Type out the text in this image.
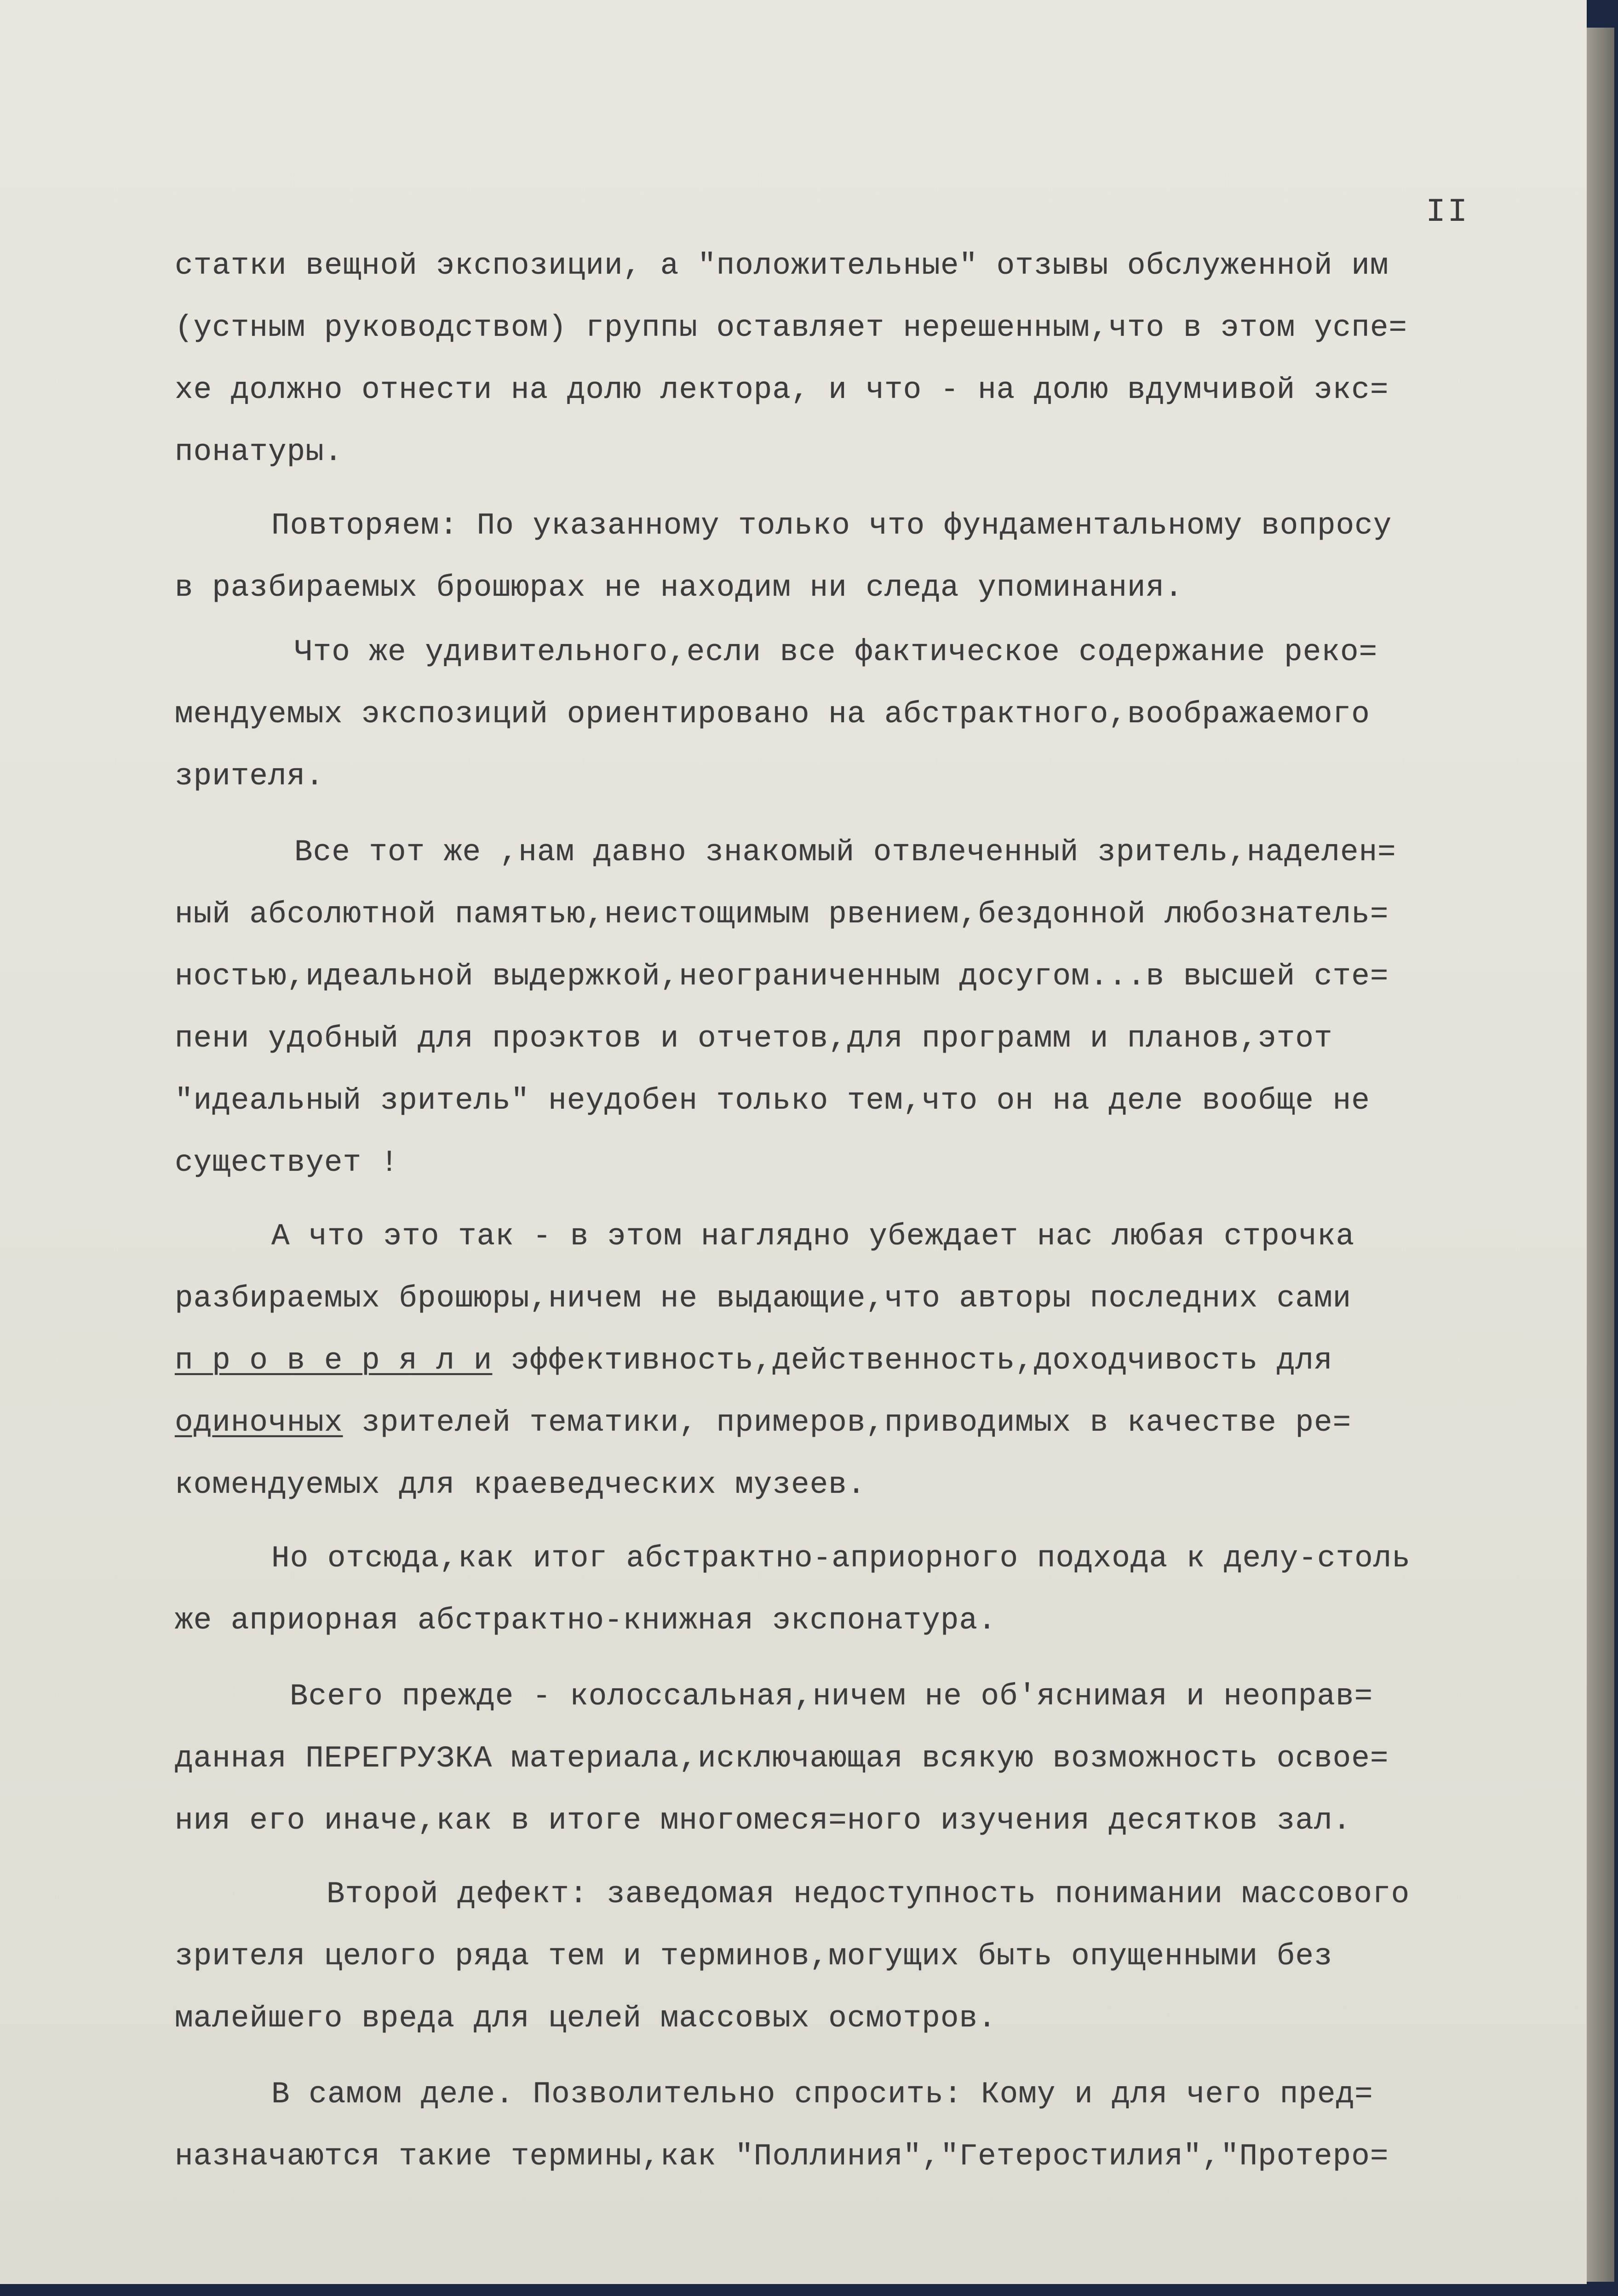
II
статки вещной экспозиции, а "положительные" отзывы обслуженной им
(устным руководством) группы оставляет нерешенным,что в этом успе=
хе должно отнести на долю лектора, и что - на долю вдумчивой экс=
понатуры.
Повторяем: По указанному только что фундаментальному вопросу
в разбираемых брошюрах не находим ни следа упоминания.
Что же удивительного,если все фактическое содержание реко=
мендуемых экспозиций ориентировано на абстрактного,воображаемого
зрителя.
Все тот же ,нам давно знакомый отвлеченный зритель,наделен=
ный абсолютной памятью,неистощимым рвением,бездонной любознатель=
ностью,идеальной выдержкой,неограниченным досугом...в высшей сте=
пени удобный для проэктов и отчетов,для программ и планов,этот
"идеальный зритель" неудобен только тем,что он на деле вообще не
существует !
А что это так - в этом наглядно убеждает нас любая строчка
разбираемых брошюры,ничем не выдающие,что авторы последних сами
п р о в е р я л и эффективность,действенность,доходчивость для
одиночных зрителей тематики, примеров,приводимых в качестве ре=
комендуемых для краеведческих музеев.
Но отсюда,как итог абстрактно-априорного подхода к делу-столь
же априорная абстрактно-книжная экспонатура.
Всего прежде - колоссальная,ничем не об'яснимая и неоправ=
данная ПЕРЕГРУЗКА материала,исключающая всякую возможность освое=
ния его иначе,как в итоге многомеся=ного изучения десятков зал.
Второй дефект: заведомая недоступность понимании массового
зрителя целого ряда тем и терминов,могущих быть опущенными без
малейшего вреда для целей массовых осмотров.
В самом деле. Позволительно спросить: Кому и для чего пред=
назначаются такие термины,как "Поллиния","Гетеростилия","Протеро=
